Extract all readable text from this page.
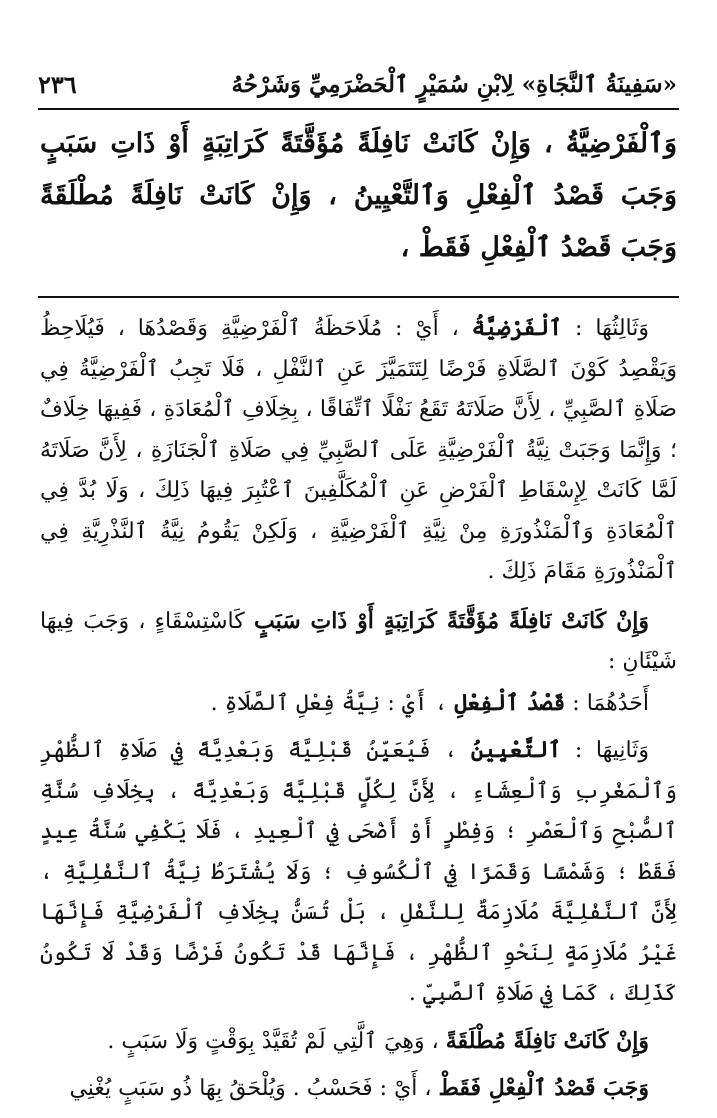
«سَفِينَةُ ٱلنَّجَاةِ» لِابْنِ سُمَيْرٍ ٱلْحَضْرَمِيِّ وَشَرْحُهُ
٢٣٦
وَٱلْفَرْضِيَّةُ ، وَإِنْ كَانَتْ نَافِلَةً مُؤَقَّتَةً كَرَاتِبَةٍ أَوْ ذَاتِ سَبَبٍ وَجَبَ قَصْدُ ٱلْفِعْلِ وَٱلتَّعْيِينُ ، وَإِنْ كَانَتْ نَافِلَةً مُطْلَقَةً وَجَبَ قَصْدُ ٱلْفِعْلِ فَقَطْ ،

وَثَالِثُهَا : ٱلْفَرْضِيَّةُ ، أَيْ : مُلَاحَظَةُ ٱلْفَرْضِيَّةِ وَقَصْدُهَا ، فَيُلَاحِظُ وَيَقْصِدُ كَوْنَ ٱلصَّلَاةِ فَرْضًا لِتَتَمَيَّزَ عَنِ ٱلنَّفْلِ ، فَلَا تَجِبُ ٱلْفَرْضِيَّةُ فِي صَلَاةِ ٱلصَّبِيِّ ، لِأَنَّ صَلَاتَهُ تَقَعُ نَفْلًا ٱتِّفَاقًا ، بِخِلَافِ ٱلْمُعَادَةِ ، فَفِيهَا خِلَافٌ ؛ وَإِنَّمَا وَجَبَتْ نِيَّةُ ٱلْفَرْضِيَّةِ عَلَى ٱلصَّبِيِّ فِي صَلَاةِ ٱلْجَنَازَةِ ، لِأَنَّ صَلَاتَهُ لَمَّا كَانَتْ لِإِسْقَاطِ ٱلْفَرْضِ عَنِ ٱلْمُكَلَّفِينَ ٱعْتُبِرَ فِيهَا ذَلِكَ ، وَلَا بُدَّ فِي ٱلْمُعَادَةِ وَٱلْمَنْذُورَةِ مِنْ نِيَّةِ ٱلْفَرْضِيَّةِ ، وَلَكِنْ يَقُومُ نِيَّةُ ٱلنَّذْرِيَّةِ فِي ٱلْمَنْذُورَةِ مَقَامَ ذَلِكَ .

وَإِنْ كَانَتْ نَافِلَةً مُؤَقَّتَةً كَرَاتِبَةٍ أَوْ ذَاتِ سَبَبٍ كَاسْتِسْقَاءٍ ، وَجَبَ فِيهَا شَيْئَانِ :

أَحَدُهُمَا : قَصْدُ ٱلْفِعْلِ ، أَيْ : نِيَّةُ فِعْلِ ٱلصَّلَاةِ .

وَثَانِيهَا : ٱلتَّعْيِينُ ، فَيُعَيِّنُ قَبْلِيَّةً وَبَعْدِيَّةً فِي صَلَاةِ ٱلظُّهْرِ وَٱلْمَغْرِبِ وَٱلْعِشَاءِ ، لِأَنَّ لِكُلٍّ قَبْلِيَّةً وَبَعْدِيَّةً ، بِخِلَافِ سُنَّةِ ٱلصُّبْحِ وَٱلْعَصْرِ ؛ وَفِطْرٍ أَوْ أَضْحَى فِي ٱلْعِيدِ ، فَلَا يَكْفِي سُنَّةُ عِيدٍ فَقَطْ ؛ وَشَمْسًا وَقَمَرًا فِي ٱلْكُسُوفِ ؛ وَلَا يُشْتَرَطُ نِيَّةُ ٱلنَّفْلِيَّةِ ، لِأَنَّ ٱلنَّفْلِيَّةَ مُلَازِمَةٌ لِلنَّفْلِ ، بَلْ تُسَنُّ بِخِلَافِ ٱلْفَرْضِيَّةِ فَإِنَّهَا غَيْرُ مُلَازِمَةٍ لِنَحْوِ ٱلظُّهْرِ ، فَإِنَّهَا قَدْ تَكُونُ فَرْضًا وَقَدْ لَا تَكُونُ كَذَلِكَ ، كَمَا فِي صَلَاةِ ٱلصَّبِيِّ .

وَإِنْ كَانَتْ نَافِلَةً مُطْلَقَةً ، وَهِيَ ٱلَّتِي لَمْ تُقَيَّدْ بِوَقْتٍ وَلَا سَبَبٍ .

وَجَبَ قَصْدُ ٱلْفِعْلِ فَقَطْ ، أَيْ : فَحَسْبُ . وَيُلْحَقُ بِهَا ذُو سَبَبٍ يُغْنِي
